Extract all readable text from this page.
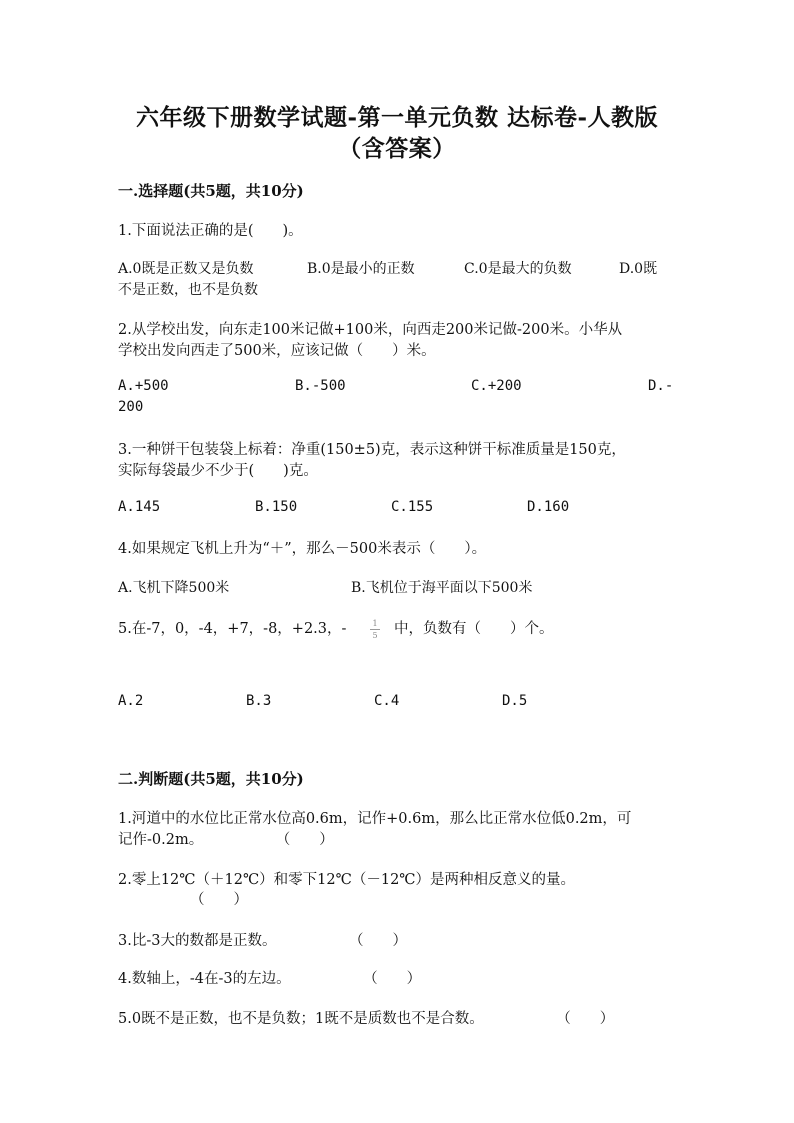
六年级下册数学试题-第一单元负数 达标卷-人教版
（含答案）
一.选择题(共5题，共10分)
1.下面说法正确的是(　　)。
A.0既是正数又是负数	B.0是最小的正数	C.0是最大的负数	D.0既
不是正数，也不是负数
2.从学校出发，向东走100米记做+100米，向西走200米记做-200米。小华从
学校出发向西走了500米，应该记做（　　）米。
A.+500	B.-500	C.+200	D.-
200
3.一种饼干包装袋上标着：净重(150±5)克，表示这种饼干标准质量是150克，
实际每袋最少不少于(　　)克。
A.145	B.150	C.155	D.160
4.如果规定飞机上升为“＋”，那么－500米表示（　　）。
A.飞机下降500米	B.飞机位于海平面以下500米
5.在-7，0，-4，+7，-8，+2.3，-	1
5 中，负数有（　　）个。
A.2	B.3	C.4	D.5
二.判断题(共5题，共10分)
1.河道中的水位比正常水位高0.6m，记作+0.6m，那么比正常水位低0.2m，可
记作-0.2m。　　　　　　（　　）
2.零上12℃（＋12℃）和零下12℃（－12℃）是两种相反意义的量。
（　　）
3.比-3大的数都是正数。　　　　　　（　　）
4.数轴上，-4在-3的左边。　　　　　　（　　）
5.0既不是正数，也不是负数；1既不是质数也不是合数。　　　　　　（　　）
